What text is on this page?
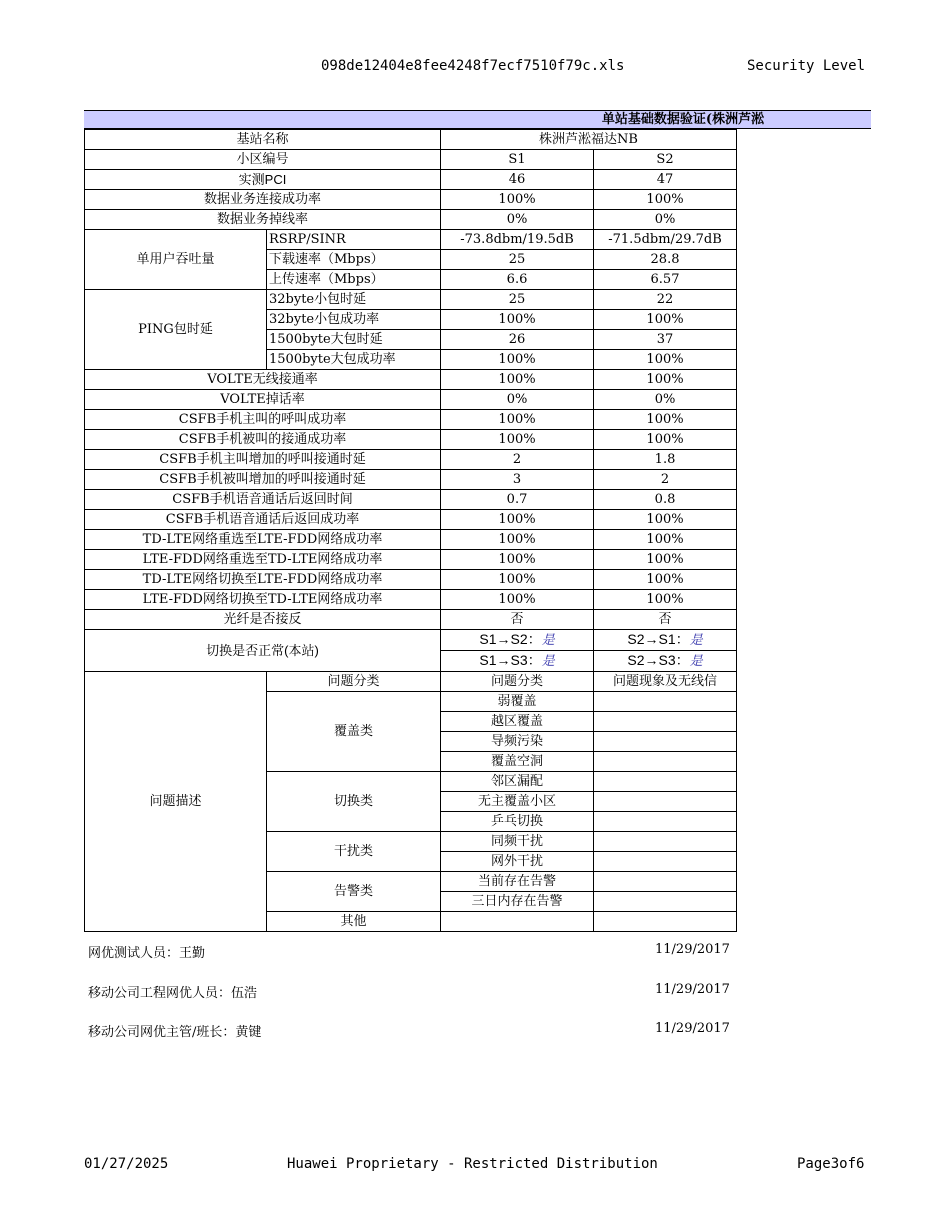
098de12404e8fee4248f7ecf7510f79c.xls	Security Level
单站基础数据验证(株洲芦淞
基站名称		株洲芦淞福达NB	
小区编号		S1	S2
实测PCI		46	47
数据业务连接成功率		100%	100%
数据业务掉线率		0%	0%
单用户吞吐量	RSRP/SINR	-73.8dbm/19.5dB	-71.5dbm/29.7dB
	下载速率（Mbps）	25	28.8
	上传速率（Mbps）	6.6	6.57
PING包时延	32byte小包时延	25	22
	32byte小包成功率	100%	100%
	1500byte大包时延	26	37
	1500byte大包成功率	100%	100%
VOLTE无线接通率		100%	100%
VOLTE掉话率		0%	0%
CSFB手机主叫的呼叫成功率		100%	100%
CSFB手机被叫的接通成功率		100%	100%
CSFB手机主叫增加的呼叫接通时延		2	1.8
CSFB手机被叫增加的呼叫接通时延		3	2
CSFB手机语音通话后返回时间		0.7	0.8
CSFB手机语音通话后返回成功率		100%	100%
TD-LTE网络重选至LTE-FDD网络成功率		100%	100%
LTE-FDD网络重选至TD-LTE网络成功率		100%	100%
TD-LTE网络切换至LTE-FDD网络成功率		100%	100%
LTE-FDD网络切换至TD-LTE网络成功率		100%	100%
光纤是否接反		否	否
切换是否正常(本站)		S1→S2：是	S2→S1：是
		S1→S3：是	S2→S3：是
问题描述	问题分类	问题分类	问题现象及无线信
	覆盖类	弱覆盖	
		越区覆盖	
		导频污染	
		覆盖空洞	
	切换类	邻区漏配	
		无主覆盖小区	
		乒乓切换	
	干扰类	同频干扰	
		网外干扰	
	告警类	当前存在告警	
		三日内存在告警	
	其他		
网优测试人员：王勤	11/29/2017
移动公司工程网优人员：伍浩	11/29/2017
移动公司网优主管/班长：黄键	11/29/2017
01/27/2025	Huawei Proprietary - Restricted Distribution	Page3of6
